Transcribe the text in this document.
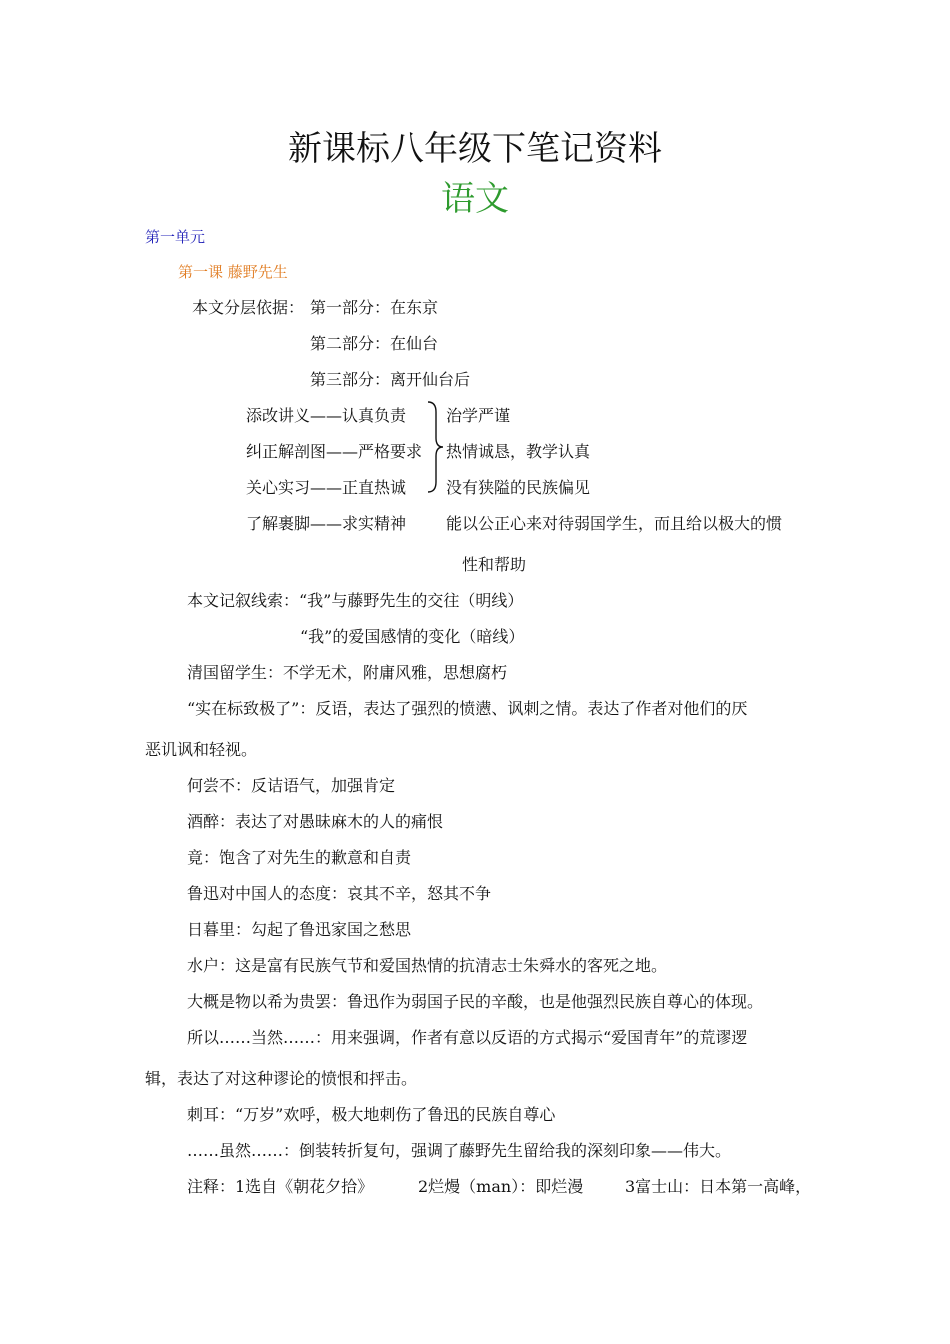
新课标八年级下笔记资料
语文
第一单元
第一课 藤野先生
本文分层依据： 第一部分：在东京
第二部分：在仙台
第三部分：离开仙台后
添改讲义——认真负责 治学严谨
纠正解剖图——严格要求 热情诚恳，教学认真
关心实习——正直热诚 没有狭隘的民族偏见
了解裹脚——求实精神 能以公正心来对待弱国学生，而且给以极大的惯
性和帮助
本文记叙线索：“我”与藤野先生的交往（明线）
“我”的爱国感情的变化（暗线）
清国留学生：不学无术，附庸风雅，思想腐朽
“实在标致极了”：反语，表达了强烈的愤懑、讽刺之情。表达了作者对他们的厌
恶讥讽和轻视。
何尝不：反诘语气，加强肯定
酒醉：表达了对愚昧麻木的人的痛恨
竟：饱含了对先生的歉意和自责
鲁迅对中国人的态度：哀其不辛，怒其不争
日暮里：勾起了鲁迅家国之愁思
水户：这是富有民族气节和爱国热情的抗清志士朱舜水的客死之地。
大概是物以希为贵罢：鲁迅作为弱国子民的辛酸，也是他强烈民族自尊心的体现。
所以……当然……：用来强调，作者有意以反语的方式揭示“爱国青年”的荒谬逻
辑，表达了对这种谬论的愤恨和抨击。
刺耳：“万岁”欢呼，极大地刺伤了鲁迅的民族自尊心
……虽然……：倒装转折复句，强调了藤野先生留给我的深刻印象——伟大。
注释：1选自《朝花夕拾》	2烂熳（man）：即烂漫	3富士山：日本第一高峰，
